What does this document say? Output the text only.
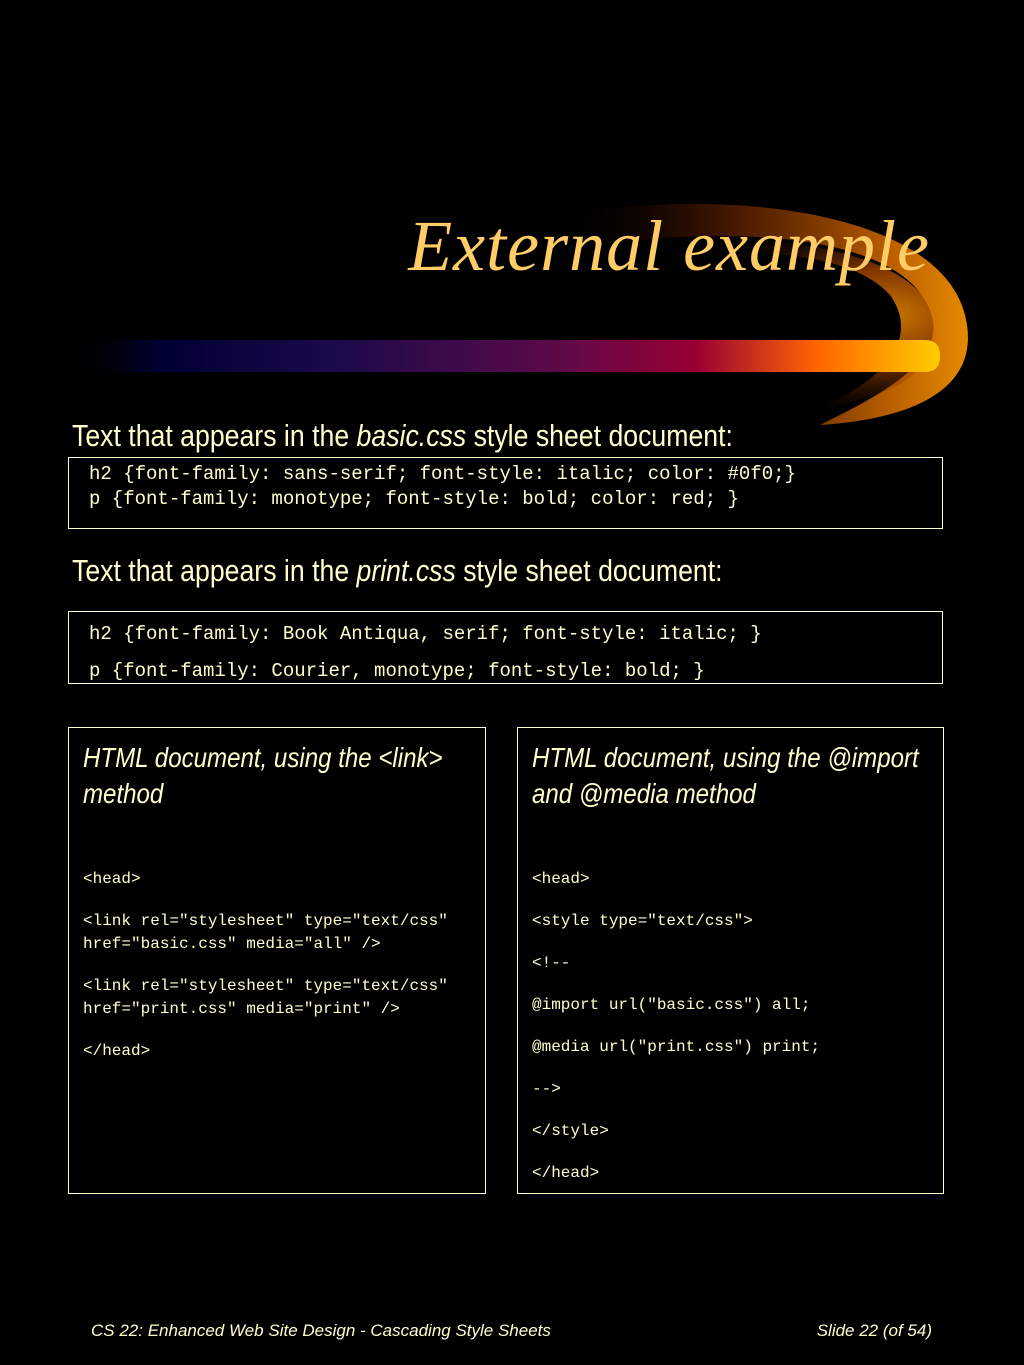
External example

Text that appears in the basic.css style sheet document:

h2 {font-family: sans-serif; font-style: italic; color: #0f0;}
p {font-family: monotype; font-style: bold; color: red; }

Text that appears in the print.css style sheet document:

h2 {font-family: Book Antiqua, serif; font-style: italic; }
p {font-family: Courier, monotype; font-style: bold; }

HTML document, using the <link> method

<head>

<link rel="stylesheet" type="text/css" href="basic.css" media="all" />

<link rel="stylesheet" type="text/css" href="print.css" media="print" />

</head>

HTML document, using the @import and @media method

<head>

<style type="text/css">

<!--

@import url("basic.css") all;

@media url("print.css") print;

-->

</style>

</head>

CS 22: Enhanced Web Site Design - Cascading Style Sheets	Slide 22 (of 54)
